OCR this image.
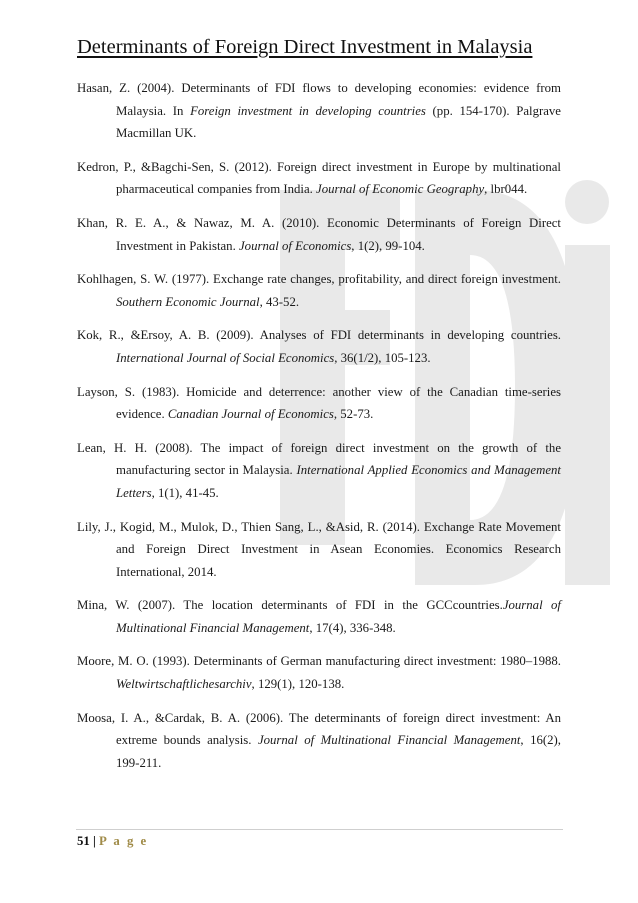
Determinants of Foreign Direct Investment in Malaysia

Hasan, Z. (2004). Determinants of FDI flows to developing economies: evidence from Malaysia. In Foreign investment in developing countries (pp. 154-170). Palgrave Macmillan UK.

Kedron, P., &Bagchi-Sen, S. (2012). Foreign direct investment in Europe by multinational pharmaceutical companies from India. Journal of Economic Geography, lbr044.

Khan, R. E. A., & Nawaz, M. A. (2010). Economic Determinants of Foreign Direct Investment in Pakistan. Journal of Economics, 1(2), 99-104.

Kohlhagen, S. W. (1977). Exchange rate changes, profitability, and direct foreign investment. Southern Economic Journal, 43-52.

Kok, R., &Ersoy, A. B. (2009). Analyses of FDI determinants in developing countries. International Journal of Social Economics, 36(1/2), 105-123.

Layson, S. (1983). Homicide and deterrence: another view of the Canadian time-series evidence. Canadian Journal of Economics, 52-73.

Lean, H. H. (2008). The impact of foreign direct investment on the growth of the manufacturing sector in Malaysia. International Applied Economics and Management Letters, 1(1), 41-45.

Lily, J., Kogid, M., Mulok, D., Thien Sang, L., &Asid, R. (2014). Exchange Rate Movement and Foreign Direct Investment in Asean Economies. Economics Research International, 2014.

Mina, W. (2007). The location determinants of FDI in the GCCcountries.Journal of Multinational Financial Management, 17(4), 336-348.

Moore, M. O. (1993). Determinants of German manufacturing direct investment: 1980–1988. Weltwirtschaftlichesarchiv, 129(1), 120-138.

Moosa, I. A., &Cardak, B. A. (2006). The determinants of foreign direct investment: An extreme bounds analysis. Journal of Multinational Financial Management, 16(2), 199-211.

51 | P a g e
